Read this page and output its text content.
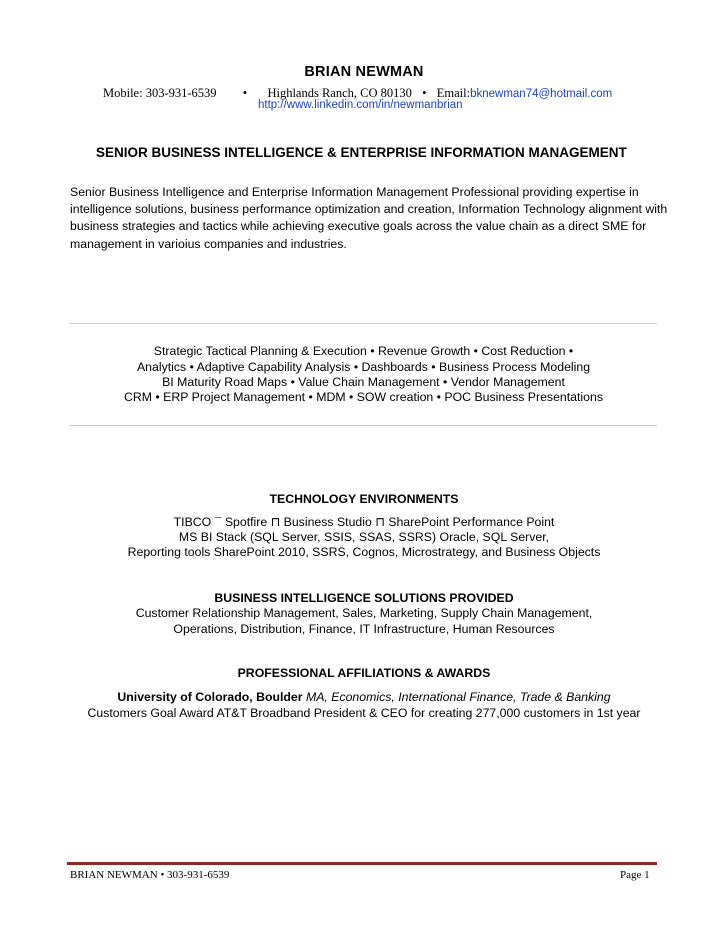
BRIAN NEWMAN
Mobile: 303-931-6539 • Highlands Ranch, CO 80130 • Email:bknewman74@hotmail.com
http://www.linkedin.com/in/newmanbrian
SENIOR BUSINESS INTELLIGENCE & ENTERPRISE INFORMATION MANAGEMENT
Senior Business Intelligence and Enterprise Information Management Professional providing expertise in intelligence solutions, business performance optimization and creation, Information Technology alignment with business strategies and tactics while achieving executive goals across the value chain as a direct SME for management in varioius companies and industries.
Strategic Tactical Planning & Execution • Revenue Growth • Cost Reduction •
Analytics • Adaptive Capability Analysis • Dashboards • Business Process Modeling
BI Maturity Road Maps • Value Chain Management • Vendor Management
CRM • ERP Project Management • MDM • SOW creation • POC Business Presentations
TECHNOLOGY ENVIRONMENTS
TIBCO ¯ Spotfire ⊓ Business Studio ⊓ SharePoint Performance Point
MS BI Stack (SQL Server, SSIS, SSAS, SSRS) Oracle, SQL Server,
Reporting tools SharePoint 2010, SSRS, Cognos, Microstrategy, and Business Objects
BUSINESS INTELLIGENCE SOLUTIONS PROVIDED
Customer Relationship Management, Sales, Marketing, Supply Chain Management,
Operations, Distribution, Finance, IT Infrastructure, Human Resources
PROFESSIONAL AFFILIATIONS & AWARDS
University of Colorado, Boulder MA, Economics, International Finance, Trade & Banking
Customers Goal Award AT&T Broadband President & CEO for creating 277,000 customers in 1st year
BRIAN NEWMAN • 303-931-6539	Page 1
